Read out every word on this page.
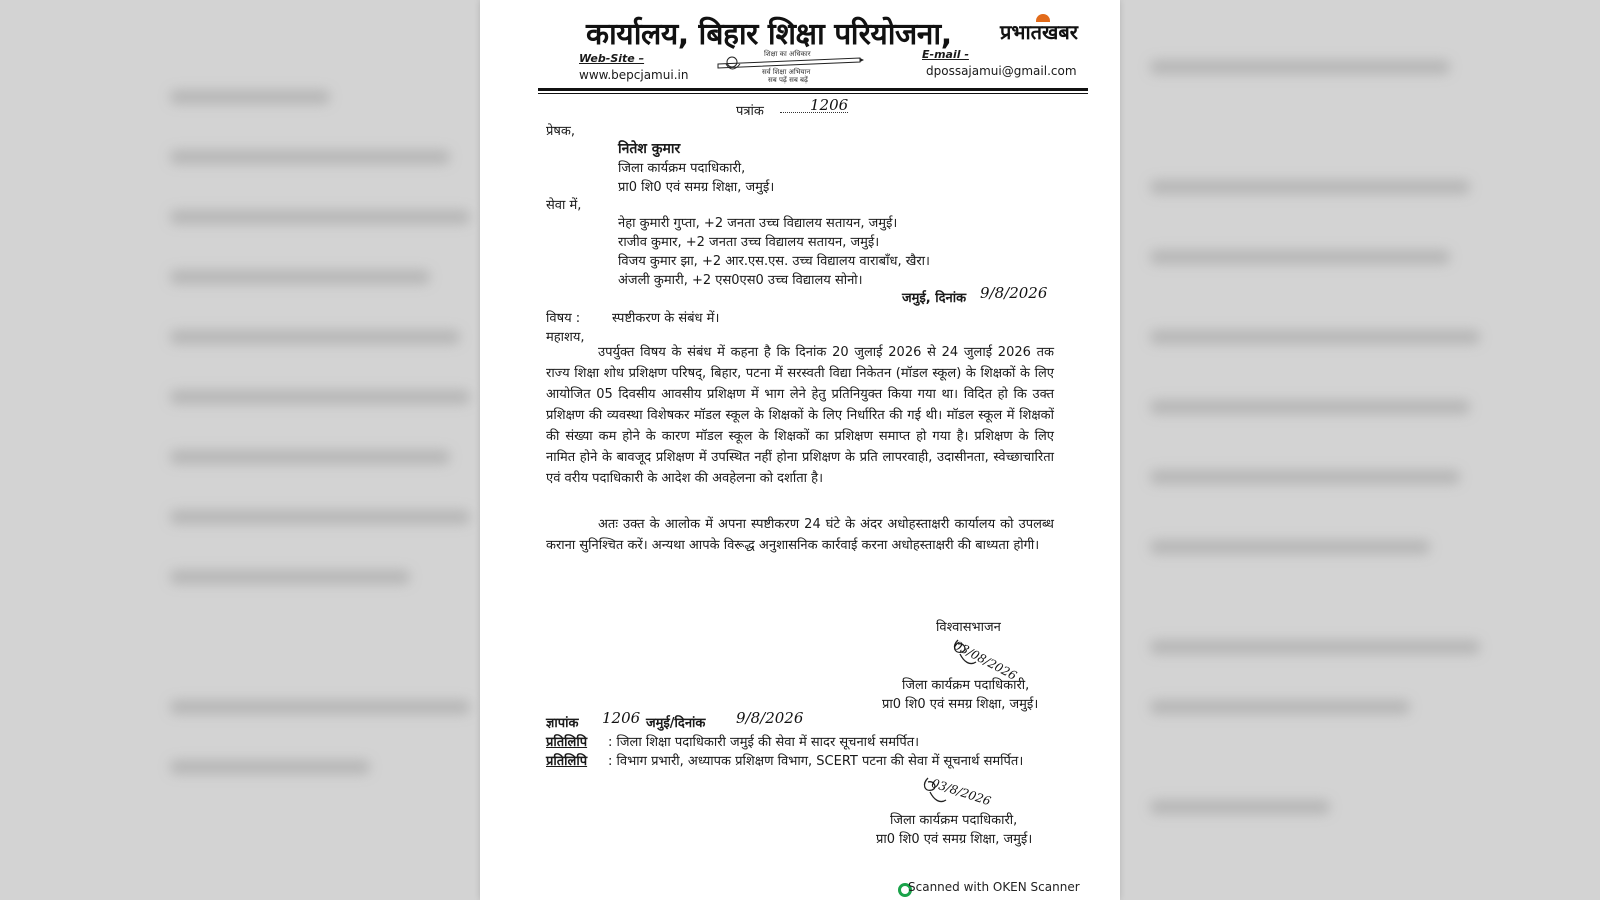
कार्यालय, बिहार शिक्षा परियोजना, प्रभातखबर
Web-Site –
www.bepcjamui.in
शिक्षा का अधिकार
सर्व शिक्षा अभियान
सब पढ़ें सब बढ़ें
E-mail -
dpossajamui@gmail.com
पत्रांक	1206
प्रेषक,
नितेश कुमार
जिला कार्यक्रम पदाधिकारी,
प्रा0 शि0 एवं समग्र शिक्षा, जमुई।
सेवा में,
नेहा कुमारी गुप्ता, +2 जनता उच्च विद्यालय सतायन, जमुई।
राजीव कुमार, +2 जनता उच्च विद्यालय सतायन, जमुई।
विजय कुमार झा, +2 आर.एस.एस. उच्च विद्यालय वाराबाँध, खैरा।
अंजली कुमारी, +2 एस0एस0 उच्च विद्यालय सोनो।
जमुई, दिनांक 9/8/2026
विषय : स्पष्टीकरण के संबंध में।
महाशय,
उपर्युक्त विषय के संबंध में कहना है कि दिनांक 20 जुलाई 2026 से 24 जुलाई 2026 तक राज्य शिक्षा शोध प्रशिक्षण परिषद्, बिहार, पटना में सरस्वती विद्या निकेतन (मॉडल स्कूल) के शिक्षकों के लिए आयोजित 05 दिवसीय आवसीय प्रशिक्षण में भाग लेने हेतु प्रतिनियुक्त किया गया था। विदित हो कि उक्त प्रशिक्षण की व्यवस्था विशेषकर मॉडल स्कूल के शिक्षकों के लिए निर्धारित की गई थी। मॉडल स्कूल में शिक्षकों की संख्या कम होने के कारण मॉडल स्कूल के शिक्षकों का प्रशिक्षण समाप्त हो गया है। प्रशिक्षण के लिए नामित होने के बावजूद प्रशिक्षण में उपस्थित नहीं होना प्रशिक्षण के प्रति लापरवाही, उदासीनता, स्वेच्छाचारिता एवं वरीय पदाधिकारी के आदेश की अवहेलना को दर्शाता है।
अतः उक्त के आलोक में अपना स्पष्टीकरण 24 घंटे के अंदर अधोहस्ताक्षरी कार्यालय को उपलब्ध कराना सुनिश्चित करें। अन्यथा आपके विरूद्ध अनुशासनिक कार्रवाई करना अधोहस्ताक्षरी की बाध्यता होगी।
विश्वासभाजन
03/08/2026
जिला कार्यक्रम पदाधिकारी,
प्रा0 शि0 एवं समग्र शिक्षा, जमुई।
ज्ञापांक 1206 जमुई/दिनांक 9/8/2026
प्रतिलिपि : जिला शिक्षा पदाधिकारी जमुई की सेवा में सादर सूचनार्थ समर्पित।
प्रतिलिपि	: विभाग प्रभारी, अध्यापक प्रशिक्षण विभाग, SCERT पटना की सेवा में सूचनार्थ समर्पित।
03/8/2026
जिला कार्यक्रम पदाधिकारी,
प्रा0 शि0 एवं समग्र शिक्षा, जमुई।
Scanned with OKEN Scanner
